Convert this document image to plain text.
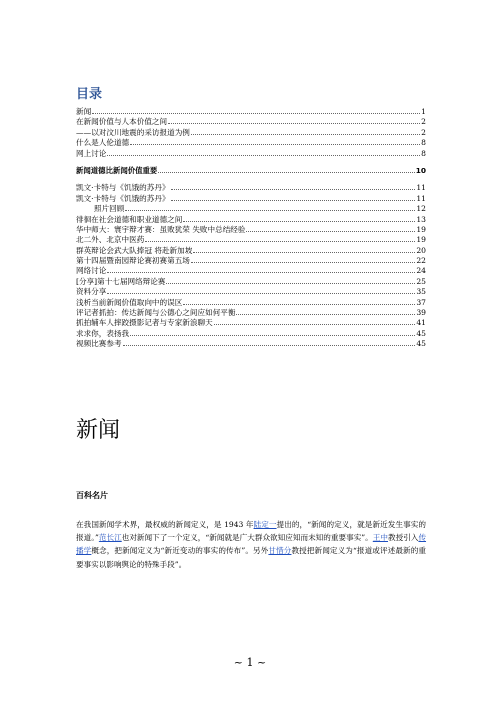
目录
新闻	1
在新闻价值与人本价值之间	2
——以对汶川地震的采访报道为例	2
什么是人伦道德	8
网上讨论	8
新闻道德比新闻价值重要	10
凯文·卡特与《饥饿的苏丹》	11
凯文·卡特与《饥饿的苏丹》	11
照片回顾	12
徘徊在社会道德和职业道德之间	13
华中师大：寰宇辩才赛：虽败犹荣 失败中总结经验	19
北二外、北京中医药	19
群英辩论会武大队捧冠 将赴新加坡	20
第十四届暨南园辩论赛初赛第五场	22
网络讨论	24
[分享]第十七届网络辩论赛	25
资料分享	35
浅析当前新闻价值取向中的误区	37
评记者抓拍：传达新闻与公德心之间应如何平衡	39
抓拍辅车人摔跤摄影记者与专家新浪聊天	41
求求你，表扬我	45
视频比赛参考	45
新闻
百科名片
在我国新闻学术界，最权威的新闻定义，是 1943 年陆定一提出的，“新闻的定义，就是新近发生事实的报道。”范长江也对新闻下了一个定义，“新闻就是广大群众欲知应知而未知的重要事实”。王中教授引入传播学概念，把新闻定义为“新近变动的事实的传布”。另外甘惜分教授把新闻定义为“报道或评述最新的重要事实以影响舆论的特殊手段”。
~ 1 ~
